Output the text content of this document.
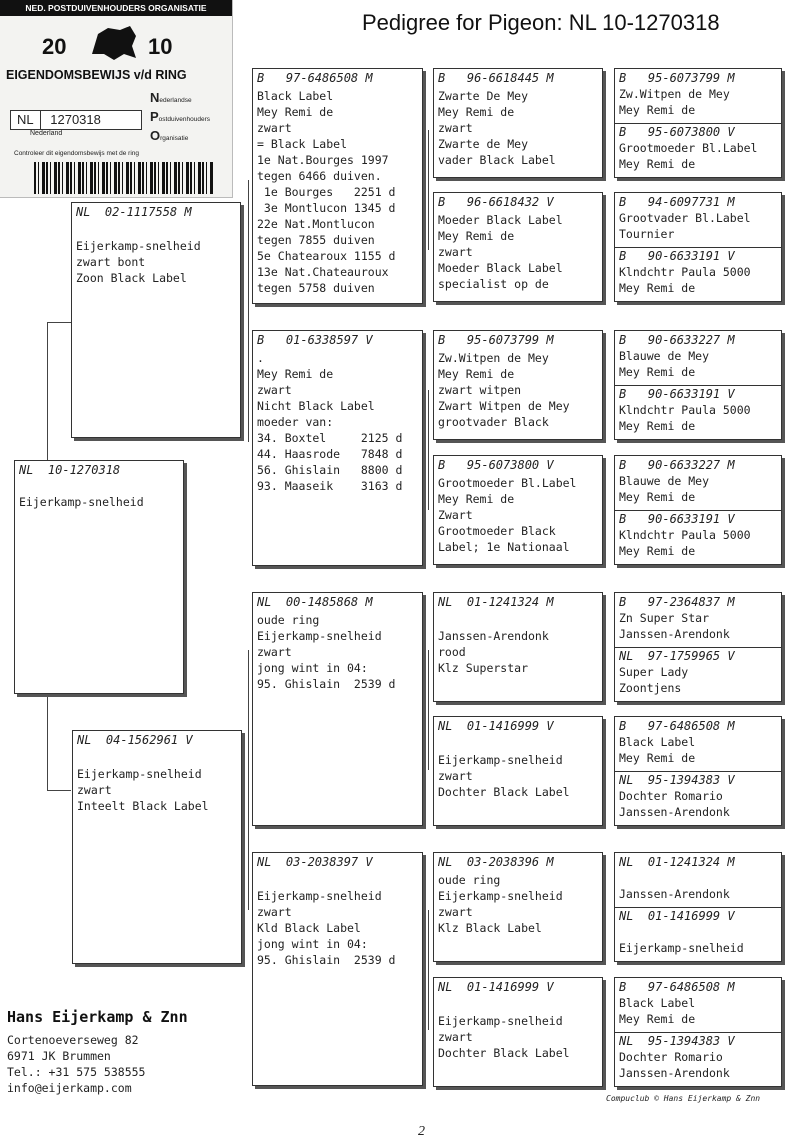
Pedigree for Pigeon: NL 10-1270318
NED. POSTDUIVENHOUDERS ORGANISATIE
20	10
EIGENDOMSBEWIJS v/d RING
NL 1270318
Nederland
Nederlandse
Postduivenhouders
Organisatie
Controleer dit eigendomsbewijs met de ring
NL  10-1270318
Eijerkamp-snelheid
NL  02-1117558 M

Eijerkamp-snelheid
zwart bont
Zoon Black Label
NL  04-1562961 V

Eijerkamp-snelheid
zwart
Inteelt Black Label
B   97-6486508 M
Black Label
Mey Remi de
zwart
= Black Label
1e Nat.Bourges 1997
tegen 6466 duiven.
1e Bourges   2251 d
3e Montlucon 1345 d
22e Nat.Montlucon
tegen 7855 duiven
5e Chatearoux 1155 d
13e Nat.Chateauroux
tegen 5758 duiven
B   01-6338597 V
.
Mey Remi de
zwart
Nicht Black Label
moeder van:
34. Boxtel     2125 d
44. Haasrode   7848 d
56. Ghislain   8800 d
93. Maaseik    3163 d
NL  00-1485868 M
oude ring
Eijerkamp-snelheid
zwart
jong wint in 04:
95. Ghislain  2539 d
NL  03-2038397 V

Eijerkamp-snelheid
zwart
Kld Black Label
jong wint in 04:
95. Ghislain  2539 d
B   96-6618445 M
Zwarte De Mey
Mey Remi de
zwart
Zwarte de Mey
vader Black Label
B   96-6618432 V
Moeder Black Label
Mey Remi de
zwart
Moeder Black Label
specialist op de
B   95-6073799 M
Zw.Witpen de Mey
Mey Remi de
zwart witpen
Zwart Witpen de Mey
grootvader Black
B   95-6073800 V
Grootmoeder Bl.Label
Mey Remi de
Zwart
Grootmoeder Black
Label; 1e Nationaal
NL  01-1241324 M

Janssen-Arendonk
rood
Klz Superstar
NL  01-1416999 V

Eijerkamp-snelheid
zwart
Dochter Black Label
NL  03-2038396 M
oude ring
Eijerkamp-snelheid
zwart
Klz Black Label
NL  01-1416999 V

Eijerkamp-snelheid
zwart
Dochter Black Label
B   95-6073799 M
Zw.Witpen de Mey
Mey Remi de
B   95-6073800 V
Grootmoeder Bl.Label
Mey Remi de
B   94-6097731 M
Grootvader Bl.Label
Tournier
B   90-6633191 V
Klndchtr Paula 5000
Mey Remi de
B   90-6633227 M
Blauwe de Mey
Mey Remi de
B   90-6633191 V
Klndchtr Paula 5000
Mey Remi de
B   90-6633227 M
Blauwe de Mey
Mey Remi de
B   90-6633191 V
Klndchtr Paula 5000
Mey Remi de
B   97-2364837 M
Zn Super Star
Janssen-Arendonk
NL  97-1759965 V
Super Lady
Zoontjens
B   97-6486508 M
Black Label
Mey Remi de
NL  95-1394383 V
Dochter Romario
Janssen-Arendonk
NL  01-1241324 M

Janssen-Arendonk
NL  01-1416999 V

Eijerkamp-snelheid
B   97-6486508 M
Black Label
Mey Remi de
NL  95-1394383 V
Dochter Romario
Janssen-Arendonk
Hans Eijerkamp & Znn
Cortenoeverseweg 82
6971 JK Brummen
Tel.: +31 575 538555
info@eijerkamp.com
Compuclub © Hans Eijerkamp & Znn
2
